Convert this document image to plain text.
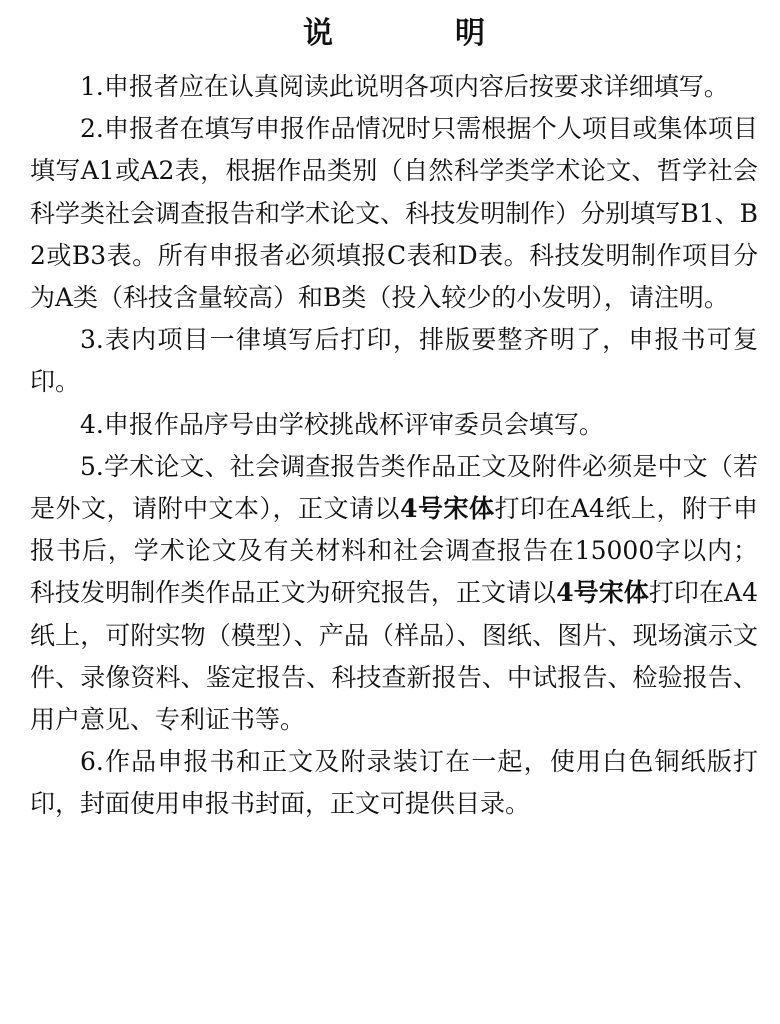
说　明

1.申报者应在认真阅读此说明各项内容后按要求详细填写。

2.申报者在填写申报作品情况时只需根据个人项目或集体项目填写A1或A2表，根据作品类别（自然科学类学术论文、哲学社会科学类社会调查报告和学术论文、科技发明制作）分别填写B1、B2或B3表。所有申报者必须填报C表和D表。科技发明制作项目分为A类（科技含量较高）和B类（投入较少的小发明），请注明。

3.表内项目一律填写后打印，排版要整齐明了，申报书可复印。

4.申报作品序号由学校挑战杯评审委员会填写。

5.学术论文、社会调查报告类作品正文及附件必须是中文（若是外文，请附中文本），正文请以4号宋体打印在A4纸上，附于申报书后，学术论文及有关材料和社会调查报告在15000字以内；科技发明制作类作品正文为研究报告，正文请以4号宋体打印在A4纸上，可附实物（模型）、产品（样品）、图纸、图片、现场演示文件、录像资料、鉴定报告、科技查新报告、中试报告、检验报告、用户意见、专利证书等。

6.作品申报书和正文及附录装订在一起，使用白色铜纸版打印，封面使用申报书封面，正文可提供目录。
